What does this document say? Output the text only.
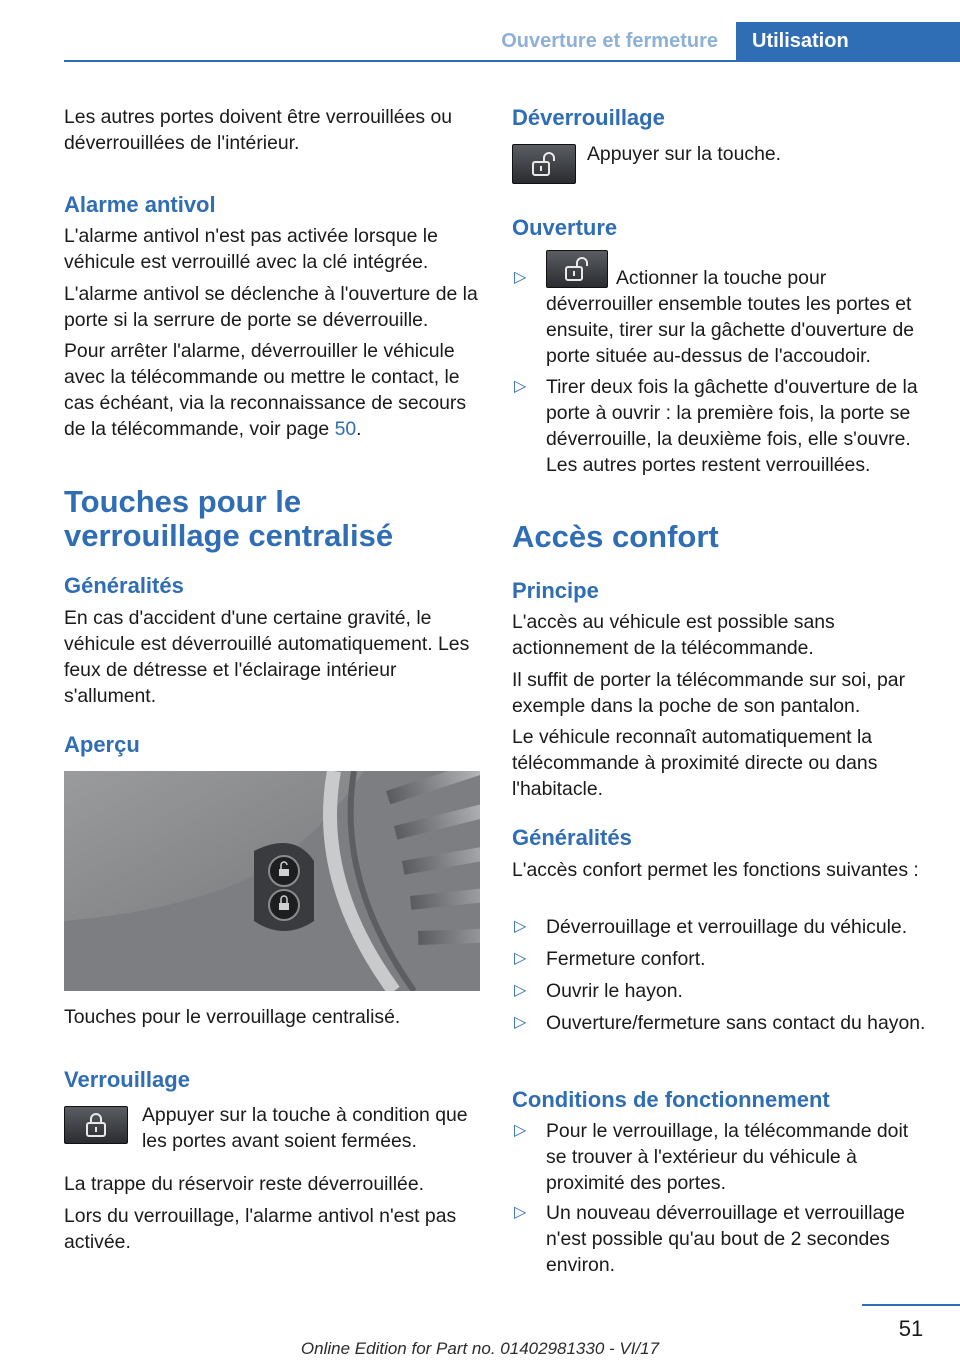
Ouverture et fermeture	Utilisation

Les autres portes doivent être verrouillées ou déverrouillées de l'intérieur.

Alarme antivol

L'alarme antivol n'est pas activée lorsque le véhicule est verrouillé avec la clé intégrée.

L'alarme antivol se déclenche à l'ouverture de la porte si la serrure de porte se déverrouille.

Pour arrêter l'alarme, déverrouiller le véhicule avec la télécommande ou mettre le contact, le cas échéant, via la reconnaissance de secours de la télécommande, voir page 50.

Touches pour le verrouillage centralisé
Généralités

En cas d'accident d'une certaine gravité, le véhicule est déverrouillé automatiquement. Les feux de détresse et l'éclairage intérieur s'allument.

Aperçu

Touches pour le verrouillage centralisé.

Verrouillage

Appuyer sur la touche à condition que les portes avant soient fermées.

La trappe du réservoir reste déverrouillée.

Lors du verrouillage, l'alarme antivol n'est pas activée.

Déverrouillage

Appuyer sur la touche.

Ouverture
▷	Actionner la touche pour déverrouiller ensemble toutes les portes et ensuite, tirer sur la gâchette d'ouverture de porte située au-dessus de l'accoudoir.
▷ Tirer deux fois la gâchette d'ouverture de la porte à ouvrir : la première fois, la porte se déverrouille, la deuxième fois, elle s'ouvre. Les autres portes restent verrouillées.
Accès confort
Principe

L'accès au véhicule est possible sans actionnement de la télécommande.

Il suffit de porter la télécommande sur soi, par exemple dans la poche de son pantalon.

Le véhicule reconnaît automatiquement la télécommande à proximité directe ou dans l'habitacle.

Généralités

L'accès confort permet les fonctions suivantes :

▷ Déverrouillage et verrouillage du véhicule.
▷ Fermeture confort.
▷ Ouvrir le hayon.
▷ Ouverture/fermeture sans contact du hayon.
Conditions de fonctionnement
▷ Pour le verrouillage, la télécommande doit se trouver à l'extérieur du véhicule à proximité des portes.
▷ Un nouveau déverrouillage et verrouillage n'est possible qu'au bout de 2 secondes environ.
51
Online Edition for Part no. 01402981330 - VI/17
